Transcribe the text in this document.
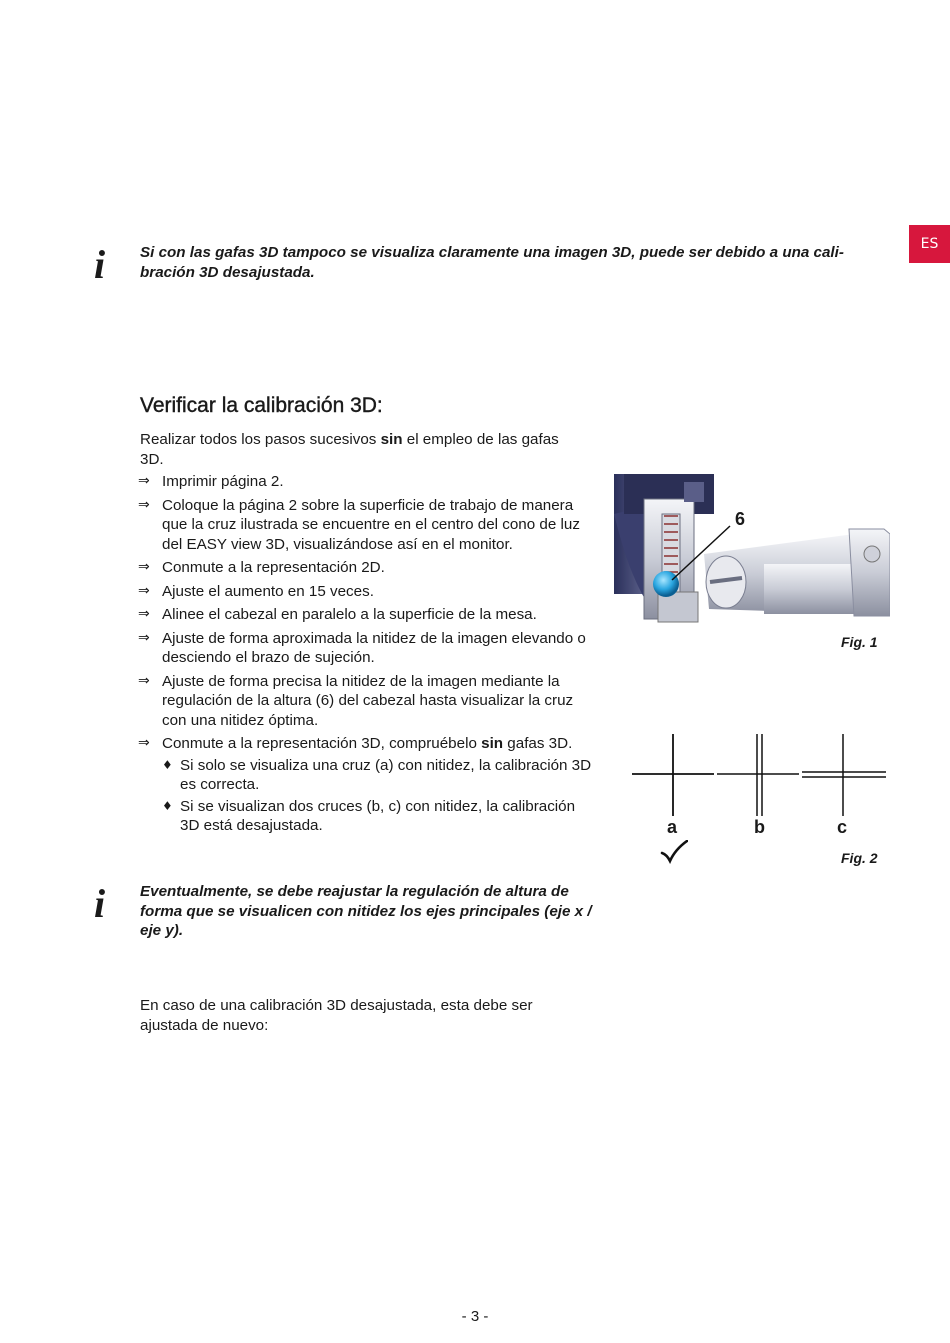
ES
i Si con las gafas 3D tampoco se visualiza claramente una imagen 3D, puede ser debido a una cali-
bración 3D desajustada.

Verificar la calibración 3D:

Realizar todos los pasos sucesivos sin el empleo de las gafas 3D.

⇒ Imprimir página 2.
⇒ Coloque la página 2 sobre la superficie de trabajo de manera que la cruz ilustrada se encuentre en el centro del cono de luz del EASY view 3D, visualizándose así en el monitor.
⇒ Conmute a la representación 2D.
⇒ Ajuste el aumento en 15 veces.
⇒ Alinee el cabezal en paralelo a la superficie de la mesa.
⇒ Ajuste de forma aproximada la nitidez de la imagen elevando o desciendo el brazo de sujeción.
⇒ Ajuste de forma precisa la nitidez de la imagen mediante la regulación de la altura (6) del cabezal hasta visualizar la cruz con una nitidez óptima.
⇒ Conmute a la representación 3D, compruébelo sin gafas 3D.
♦ Si solo se visualiza una cruz (a) con nitidez, la calibración 3D es correcta.
♦ Si se visualizan dos cruces (b, c) con nitidez, la calibración 3D está desajustada.
i Eventualmente, se debe reajustar la regulación de altura de forma que se visualicen con nitidez los ejes principales (eje x / eje y).

En caso de una calibración 3D desajustada, esta debe ser ajustada de nuevo:

6
Fig. 1
a	b	c
Fig. 2
- 3 -
